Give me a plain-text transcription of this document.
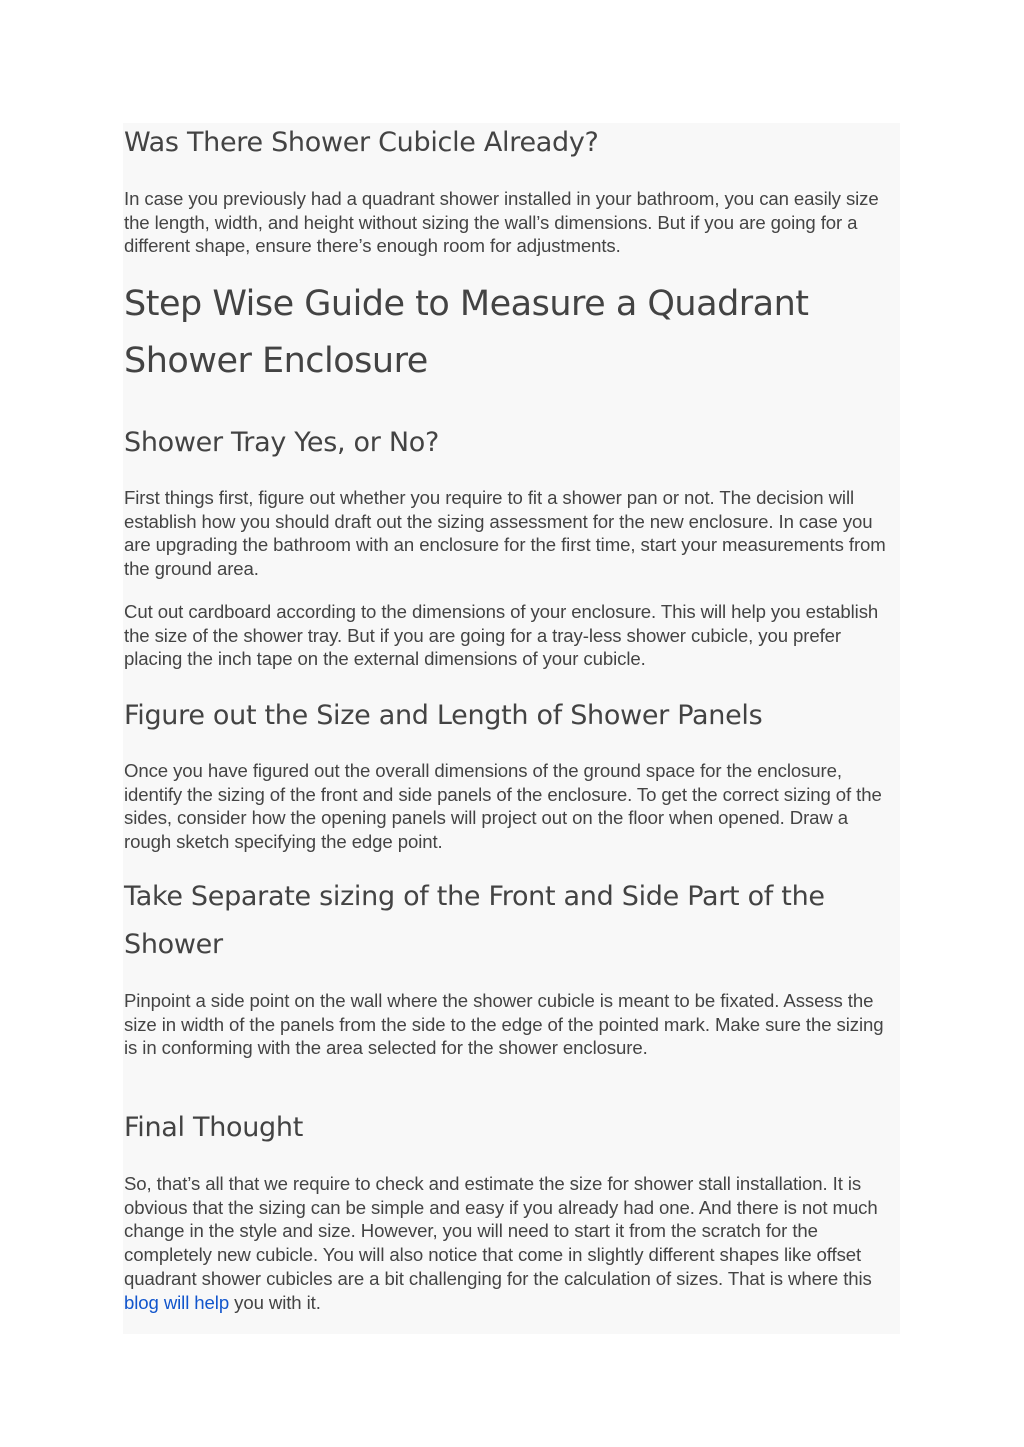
Was There Shower Cubicle Already?

In case you previously had a quadrant shower installed in your bathroom, you can easily size the length, width, and height without sizing the wall’s dimensions. But if you are going for a different shape, ensure there’s enough room for adjustments.

Step Wise Guide to Measure a Quadrant Shower Enclosure
Shower Tray Yes, or No?

First things first, figure out whether you require to fit a shower pan or not. The decision will establish how you should draft out the sizing assessment for the new enclosure. In case you are upgrading the bathroom with an enclosure for the first time, start your measurements from the ground area.

Cut out cardboard according to the dimensions of your enclosure. This will help you establish the size of the shower tray. But if you are going for a tray-less shower cubicle, you prefer placing the inch tape on the external dimensions of your cubicle.

Figure out the Size and Length of Shower Panels

Once you have figured out the overall dimensions of the ground space for the enclosure, identify the sizing of the front and side panels of the enclosure. To get the correct sizing of the sides, consider how the opening panels will project out on the floor when opened. Draw a rough sketch specifying the edge point.

Take Separate sizing of the Front and Side Part of the Shower

Pinpoint a side point on the wall where the shower cubicle is meant to be fixated. Assess the size in width of the panels from the side to the edge of the pointed mark. Make sure the sizing is in conforming with the area selected for the shower enclosure.

Final Thought

So, that’s all that we require to check and estimate the size for shower stall installation. It is obvious that the sizing can be simple and easy if you already had one. And there is not much change in the style and size. However, you will need to start it from the scratch for the completely new cubicle. You will also notice that come in slightly different shapes like offset quadrant shower cubicles are a bit challenging for the calculation of sizes. That is where this blog will help you with it.
